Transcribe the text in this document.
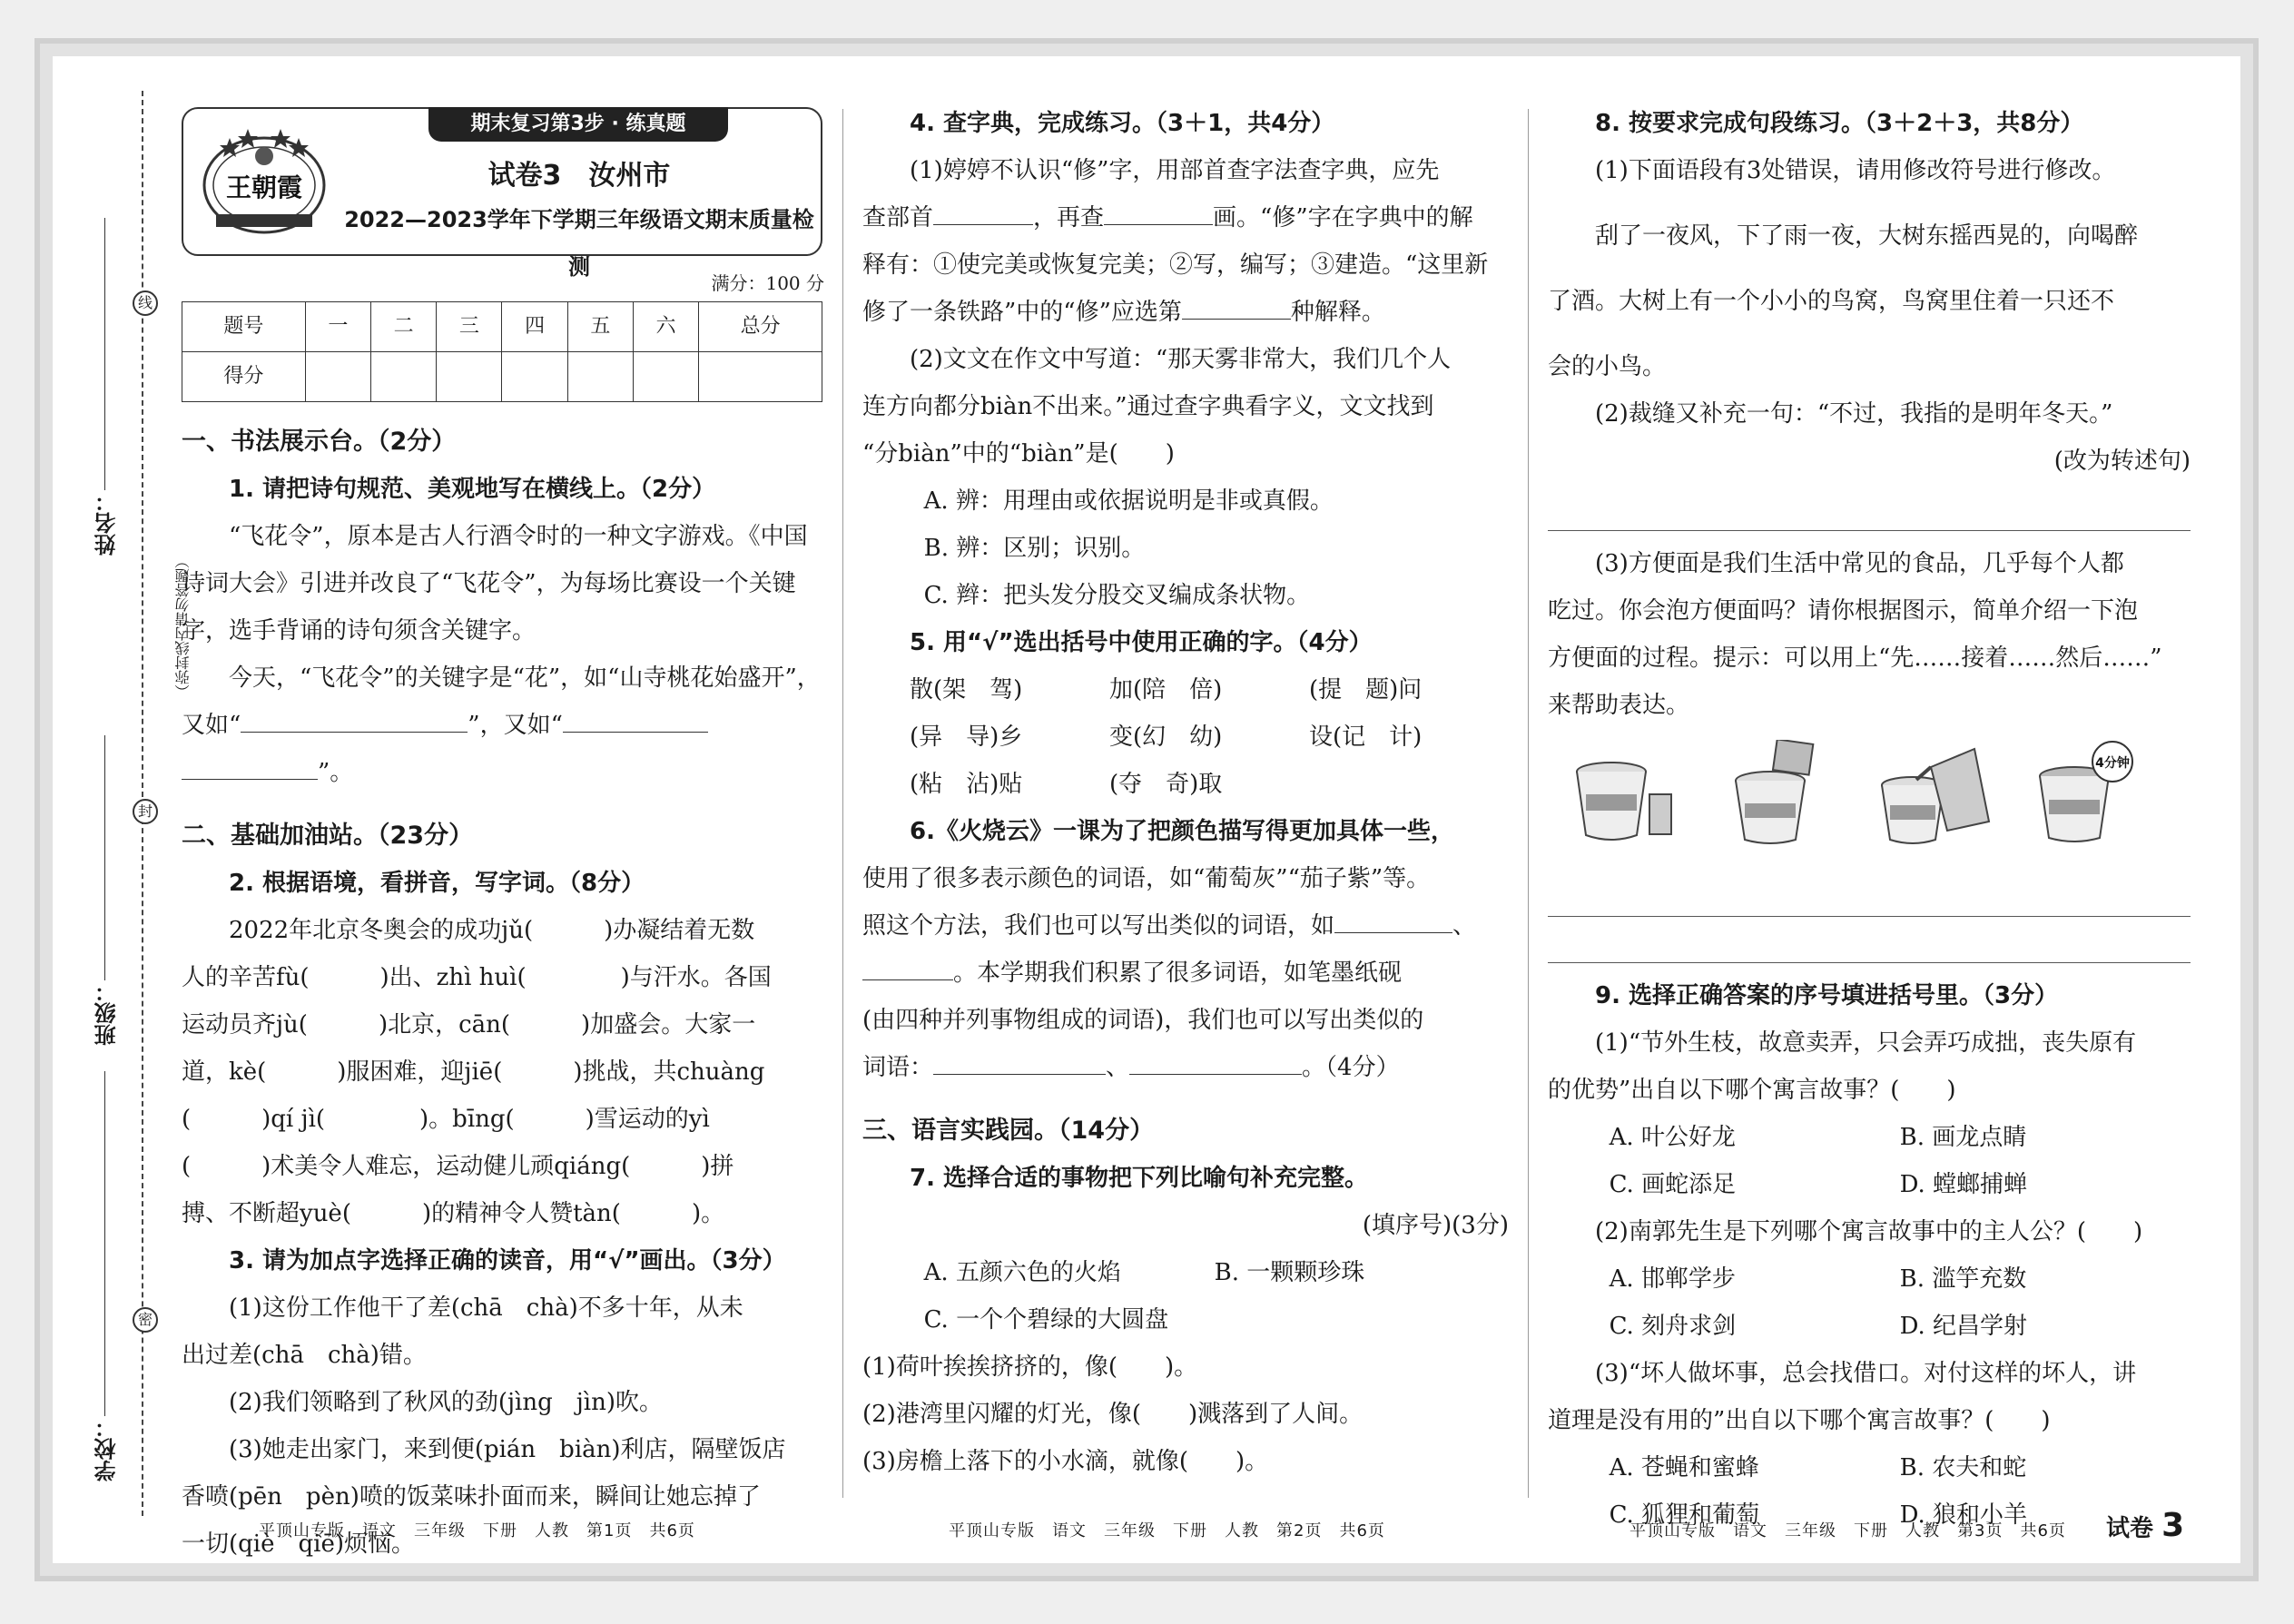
线
封
密
姓名：
班级：
学校：
（弥封线内请勿答题）
期末复习第3步 · 练真题
王朝霞	试卷3　汝州市
2022—2023学年下学期三年级语文期末质量检测
满分：100 分
题号	一	二	三	四	五	六	总分
得分							
一、书法展示台。（2分）

1. 请把诗句规范、美观地写在横线上。（2分）

“飞花令”，原本是古人行酒令时的一种文字游戏。《中国诗词大会》引进并改良了“飞花令”，为每场比赛设一个关键字，选手背诵的诗句须含关键字。

今天，“飞花令”的关键字是“花”，如“山寺桃花始盛开”，又如“	”，又如“
”。

二、基础加油站。（23分）

2. 根据语境，看拼音，写字词。（8分）

2022年北京冬奥会的成功jǔ(　　　)办凝结着无数

人的辛苦fù(　　　)出、zhì huì(　　　　)与汗水。各国

运动员齐jù(　　　)北京，cān(　　　)加盛会。大家一

道，kè(　　　)服困难，迎jiē(　　　)挑战，共chuàng

(　　　)qí jì(　　　　)。bīng(　　　)雪运动的yì

(　　　)术美令人难忘，运动健儿顽qiáng(　　　)拼

搏、不断超yuè(　　　)的精神令人赞tàn(　　　)。

3. 请为加点字选择正确的读音，用“√”画出。（3分）

(1)这份工作他干了差(chā　chà)不多十年，从未

出过差(chā　chà)错。

(2)我们领略到了秋风的劲(jìng　jìn)吹。

(3)她走出家门，来到便(pián　biàn)利店，隔壁饭店

香喷(pēn　pèn)喷的饭菜味扑面而来，瞬间让她忘掉了

一切(qiè　qiē)烦恼。

4. 查字典，完成练习。（3＋1，共4分）

(1)婷婷不认识“修”字，用部首查字法查字典，应先

查部首	，再查	画。“修”字在字典中的解

释有：①使完美或恢复完美；②写，编写；③建造。“这里新

修了一条铁路”中的“修”应选第	种解释。

(2)文文在作文中写道：“那天雾非常大，我们几个人

连方向都分biàn不出来。”通过查字典看字义，文文找到

“分biàn”中的“biàn”是(　　)

A. 辨：用理由或依据说明是非或真假。

B. 辨：区别；识别。

C. 辫：把头发分股交叉编成条状物。

5. 用“√”选出括号中使用正确的字。（4分）

散(架　驾)	加(陪　倍)	(提　题)问
(异　导)乡	变(幻　幼)	设(记　计)
(粘　沾)贴	(夺　奇)取

6.《火烧云》一课为了把颜色描写得更加具体一些，

使用了很多表示颜色的词语，如“葡萄灰”“茄子紫”等。

照这个方法，我们也可以写出类似的词语，如	、

。本学期我们积累了很多词语，如笔墨纸砚

(由四种并列事物组成的词语)，我们也可以写出类似的

词语：	、	。（4分）

三、语言实践园。（14分）

7. 选择合适的事物把下列比喻句补充完整。

(填序号)(3分)

A. 五颜六色的火焰	B. 一颗颗珍珠
C. 一个个碧绿的大圆盘

(1)荷叶挨挨挤挤的，像(　　)。

(2)港湾里闪耀的灯光，像(　　)溅落到了人间。

(3)房檐上落下的小水滴，就像(　　)。

8. 按要求完成句段练习。（3＋2＋3，共8分）

(1)下面语段有3处错误，请用修改符号进行修改。

刮了一夜风，下了雨一夜，大树东摇西晃的，向喝醉

了酒。大树上有一个小小的鸟窝，鸟窝里住着一只还不

会的小鸟。

(2)裁缝又补充一句：“不过，我指的是明年冬天。”

(改为转述句)

(3)方便面是我们生活中常见的食品，几乎每个人都

吃过。你会泡方便面吗？请你根据图示，简单介绍一下泡

方便面的过程。提示：可以用上“先……接着……然后……”

来帮助表达。

4分钟

9. 选择正确答案的序号填进括号里。（3分）

(1)“节外生枝，故意卖弄，只会弄巧成拙，丧失原有

的优势”出自以下哪个寓言故事？(　　)

A. 叶公好龙	B. 画龙点睛
C. 画蛇添足	D. 螳螂捕蝉

(2)南郭先生是下列哪个寓言故事中的主人公？(　　)

A. 邯郸学步	B. 滥竽充数
C. 刻舟求剑	D. 纪昌学射

(3)“坏人做坏事，总会找借口。对付这样的坏人，讲

道理是没有用的”出自以下哪个寓言故事？(　　)

A. 苍蝇和蜜蜂	B. 农夫和蛇
C. 狐狸和葡萄	D. 狼和小羊
平顶山专版　语文　三年级　下册　人教　第1页　共6页	平顶山专版　语文　三年级　下册　人教　第2页　共6页	平顶山专版　语文　三年级　下册　人教　第3页　共6页 试卷 3
